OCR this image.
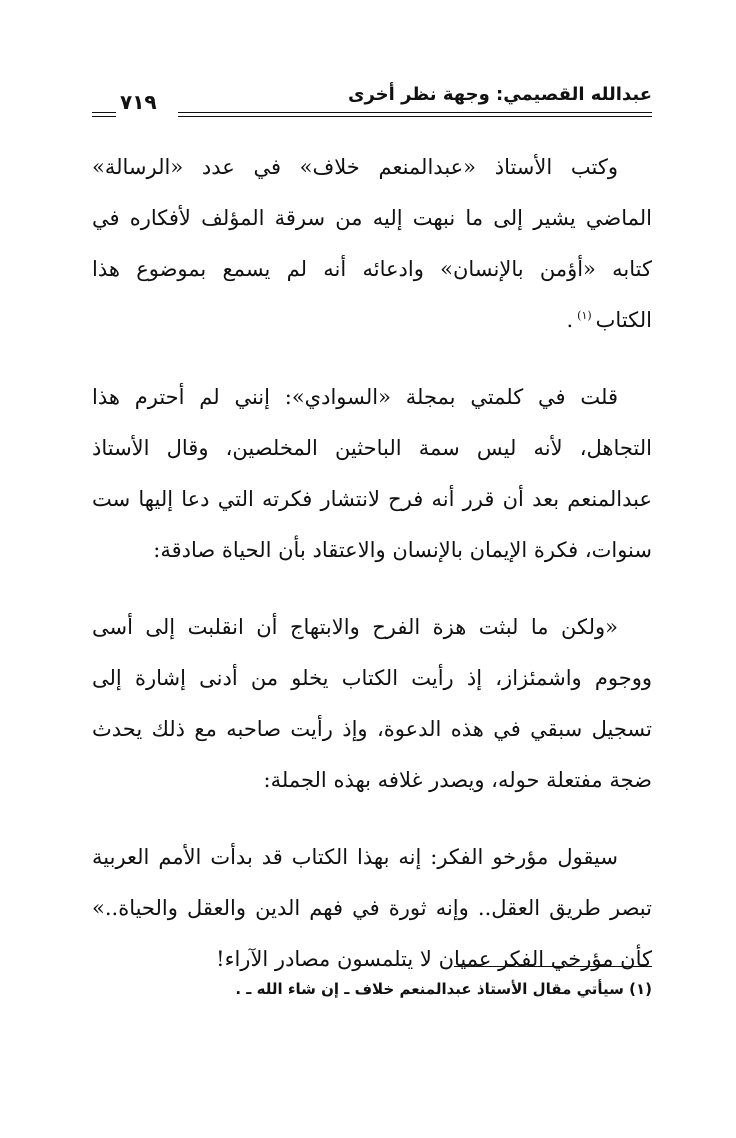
عبدالله القصيمي: وجهة نظر أخرى
٧١٩

وكتب الأستاذ «عبدالمنعم خلاف» في عدد «الرسالة» الماضي يشير إلى ما نبهت إليه من سرقة المؤلف لأفكاره في كتابه «أؤمن بالإنسان» وادعائه أنه لم يسمع بموضوع هذا الكتاب$^{(١)}$.

قلت في كلمتي بمجلة «السوادي»: إنني لم أحترم هذا التجاهل، لأنه ليس سمة الباحثين المخلصين، وقال الأستاذ عبدالمنعم بعد أن قرر أنه فرح لانتشار فكرته التي دعا إليها ست سنوات، فكرة الإيمان بالإنسان والاعتقاد بأن الحياة صادقة:

«ولكن ما لبثت هزة الفرح والابتهاج أن انقلبت إلى أسى ووجوم واشمئزاز، إذ رأيت الكتاب يخلو من أدنى إشارة إلى تسجيل سبقي في هذه الدعوة، وإذ رأيت صاحبه مع ذلك يحدث ضجة مفتعلة حوله، ويصدر غلافه بهذه الجملة:

سيقول مؤرخو الفكر: إنه بهذا الكتاب قد بدأت الأمم العربية تبصر طريق العقل.. وإنه ثورة في فهم الدين والعقل والحياة..» كأن مؤرخي الفكر عميان لا يتلمسون مصادر الآراء!

(١) سيأتي مقال الأستاذ عبدالمنعم خلاف ـ إن شاء الله ـ .
